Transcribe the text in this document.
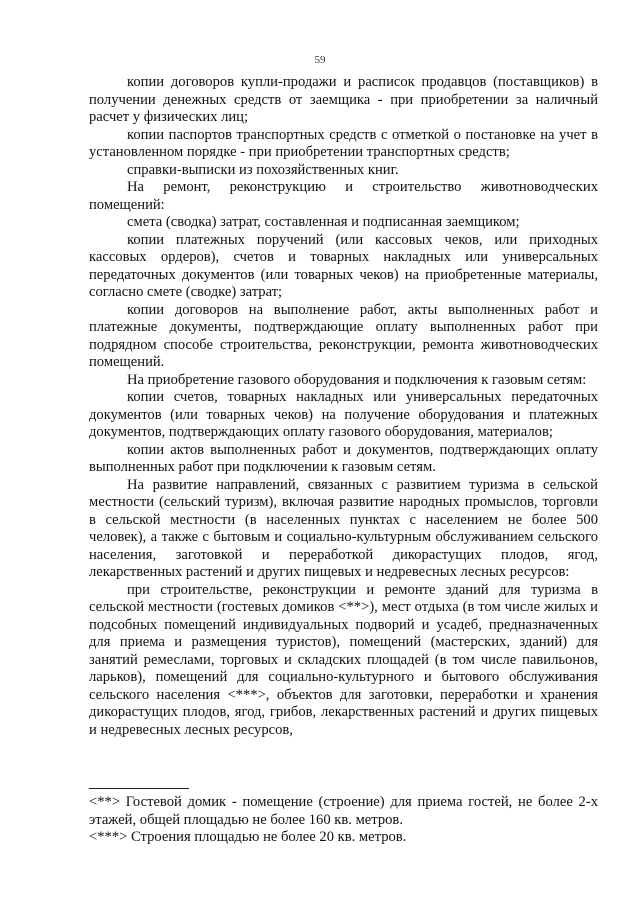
59

копии договоров купли-продажи и расписок продавцов (поставщиков) в получении денежных средств от заемщика - при приобретении за наличный расчет у физических лиц;

копии паспортов транспортных средств с отметкой о постановке на учет в установленном порядке - при приобретении транспортных средств;

справки-выписки из похозяйственных книг.

На ремонт, реконструкцию и строительство животноводческих помещений:

смета (сводка) затрат, составленная и подписанная заемщиком;

копии платежных поручений (или кассовых чеков, или приходных кассовых ордеров), счетов и товарных накладных или универсальных передаточных документов (или товарных чеков) на приобретенные материалы, согласно смете (сводке) затрат;

копии договоров на выполнение работ, акты выполненных работ и платежные документы, подтверждающие оплату выполненных работ при подрядном способе строительства, реконструкции, ремонта животноводческих помещений.

На приобретение газового оборудования и подключения к газовым сетям:

копии счетов, товарных накладных или универсальных передаточных документов (или товарных чеков) на получение оборудования и платежных документов, подтверждающих оплату газового оборудования, материалов;

копии актов выполненных работ и документов, подтверждающих оплату выполненных работ при подключении к газовым сетям.

На развитие направлений, связанных с развитием туризма в сельской местности (сельский туризм), включая развитие народных промыслов, торговли в сельской местности (в населенных пунктах с населением не более 500 человек), а также с бытовым и социально-культурным обслуживанием сельского населения, заготовкой и переработкой дикорастущих плодов, ягод, лекарственных растений и других пищевых и недревесных лесных ресурсов:

при строительстве, реконструкции и ремонте зданий для туризма в сельской местности (гостевых домиков <**>), мест отдыха (в том числе жилых и подсобных помещений индивидуальных подворий и усадеб, предназначенных для приема и размещения туристов), помещений (мастерских, зданий) для занятий ремеслами, торговых и складских площадей (в том числе павильонов, ларьков), помещений для социально-культурного и бытового обслуживания сельского населения <***>, объектов для заготовки, переработки и хранения дикорастущих плодов, ягод, грибов, лекарственных растений и других пищевых и недревесных лесных ресурсов,

<**> Гостевой домик - помещение (строение) для приема гостей, не более 2-х этажей, общей площадью не более 160 кв. метров.

<***> Строения площадью не более 20 кв. метров.
